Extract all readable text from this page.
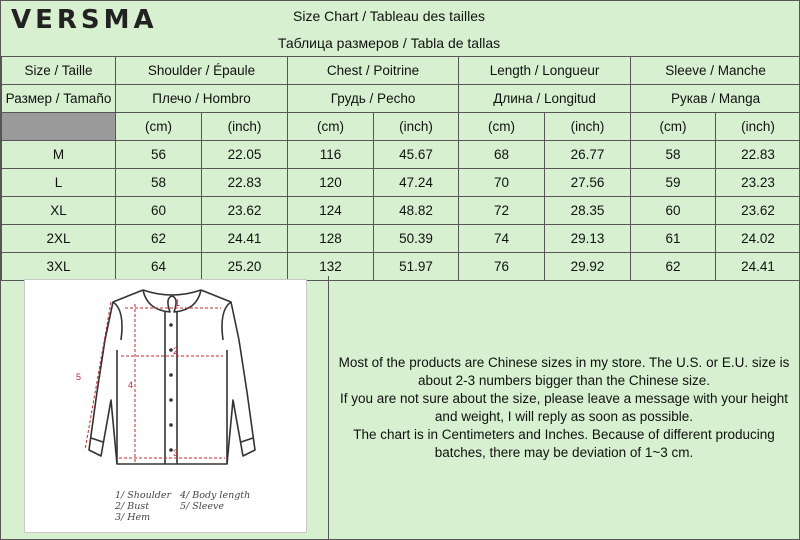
VERSMA	Size Chart / Tableau des tailles
Таблица размеров / Tabla de tallas
Size / Taille	Shoulder / Épaule		Chest / Poitrine		Length / Longueur		Sleeve / Manche	
Размер / Tamaño	Плечо / Hombro		Грудь / Pecho		Длина / Longitud		Рукав / Manga	
	(cm)	(inch)	(cm)	(inch)	(cm)	(inch)	(cm)	(inch)
M	56	22.05	116	45.67	68	26.77	58	22.83
L	58	22.83	120	47.24	70	27.56	59	23.23
XL	60	23.62	124	48.82	72	28.35	60	23.62
2XL	62	24.41	128	50.39	74	29.13	61	24.02
3XL	64	25.20	132	51.97	76	29.92	62	24.41
1
2
3
4
5
1/ Shoulder
2/ Bust
3/ Hem
4/ Body length
5/ Sleeve
Most of the products are Chinese sizes in my store. The U.S. or E.U. size is
about 2-3 numbers bigger than the Chinese size.
If you are not sure about the size, please leave a message with your height
and weight, I will reply as soon as possible.
The chart is in Centimeters and Inches. Because of different producing
batches, there may be deviation of 1~3 cm.
